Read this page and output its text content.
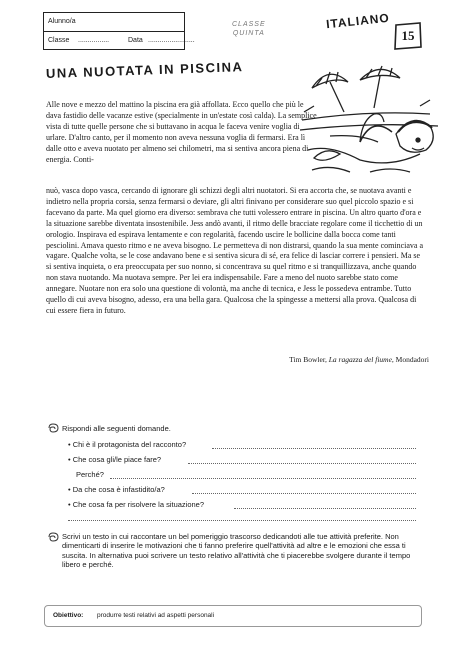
Alunno/a
Classe ................	Data ........................
CLASSE
QUINTA
ITALIANO
15
UNA NUOTATA IN PISCINA
Alle nove e mezzo del mattino la piscina era già affollata. Ecco quello che più le dava fastidio delle vacanze estive (specialmente in un'estate così calda). La semplice vista di tutte quelle persone che si buttavano in acqua le faceva venire voglia di urlare. D'altro canto, per il momento non aveva nessuna voglia di fermarsi. Era lì dalle otto e aveva nuotato per almeno sei chilometri, ma si sentiva ancora piena di energia. Conti-
nuò, vasca dopo vasca, cercando di ignorare gli schizzi degli altri nuotatori. Si era accorta che, se nuotava avanti e indietro nella propria corsia, senza fermarsi o deviare, gli altri finivano per considerare suo quel piccolo spazio e si facevano da parte. Ma quel giorno era diverso: sembrava che tutti volessero entrare in piscina. Un altro quarto d'ora e la situazione sarebbe diventata insostenibile. Jess andò avanti, il ritmo delle bracciate regolare come il ticchettio di un orologio. Inspirava ed espirava lentamente e con regolarità, facendo uscire le bollicine dalla bocca come tanti pesciolini. Amava questo ritmo e ne aveva bisogno. Le permetteva di non distrarsi, quando la sua mente cominciava a vagare. Qualche volta, se le cose andavano bene e si sentiva sicura di sé, era felice di lasciar correre i pensieri. Ma se si sentiva inquieta, o era preoccupata per suo nonno, si concentrava su quel ritmo e si tranquillizzava, anche quando non stava nuotando. Ma nuotava sempre. Per lei era indispensabile. Fare a meno del nuoto sarebbe stato come annegare. Nuotare non era solo una questione di volontà, ma anche di tecnica, e Jess le possedeva entrambe. Tutto quello di cui aveva bisogno, adesso, era una bella gara. Qualcosa che la spingesse a mettersi alla prova. Qualcosa di cui essere fiera in futuro.
Tim Bowler, La ragazza del fiume, Mondadori
Rispondi alle seguenti domande.
• Chi è il protagonista del racconto?
• Che cosa gli/le piace fare?
Perché?
• Da che cosa è infastidito/a?
• Che cosa fa per risolvere la situazione?
Scrivi un testo in cui raccontare un bel pomeriggio trascorso dedicandoti alle tue attività preferite. Non dimenticarti di inserire le motivazioni che ti fanno preferire quell'attività ad altre e le emozioni che essa ti suscita. In alternativa puoi scrivere un testo relativo all'attività che ti piacerebbe svolgere durante il tempo libero e perché.
Obiettivo: produrre testi relativi ad aspetti personali
